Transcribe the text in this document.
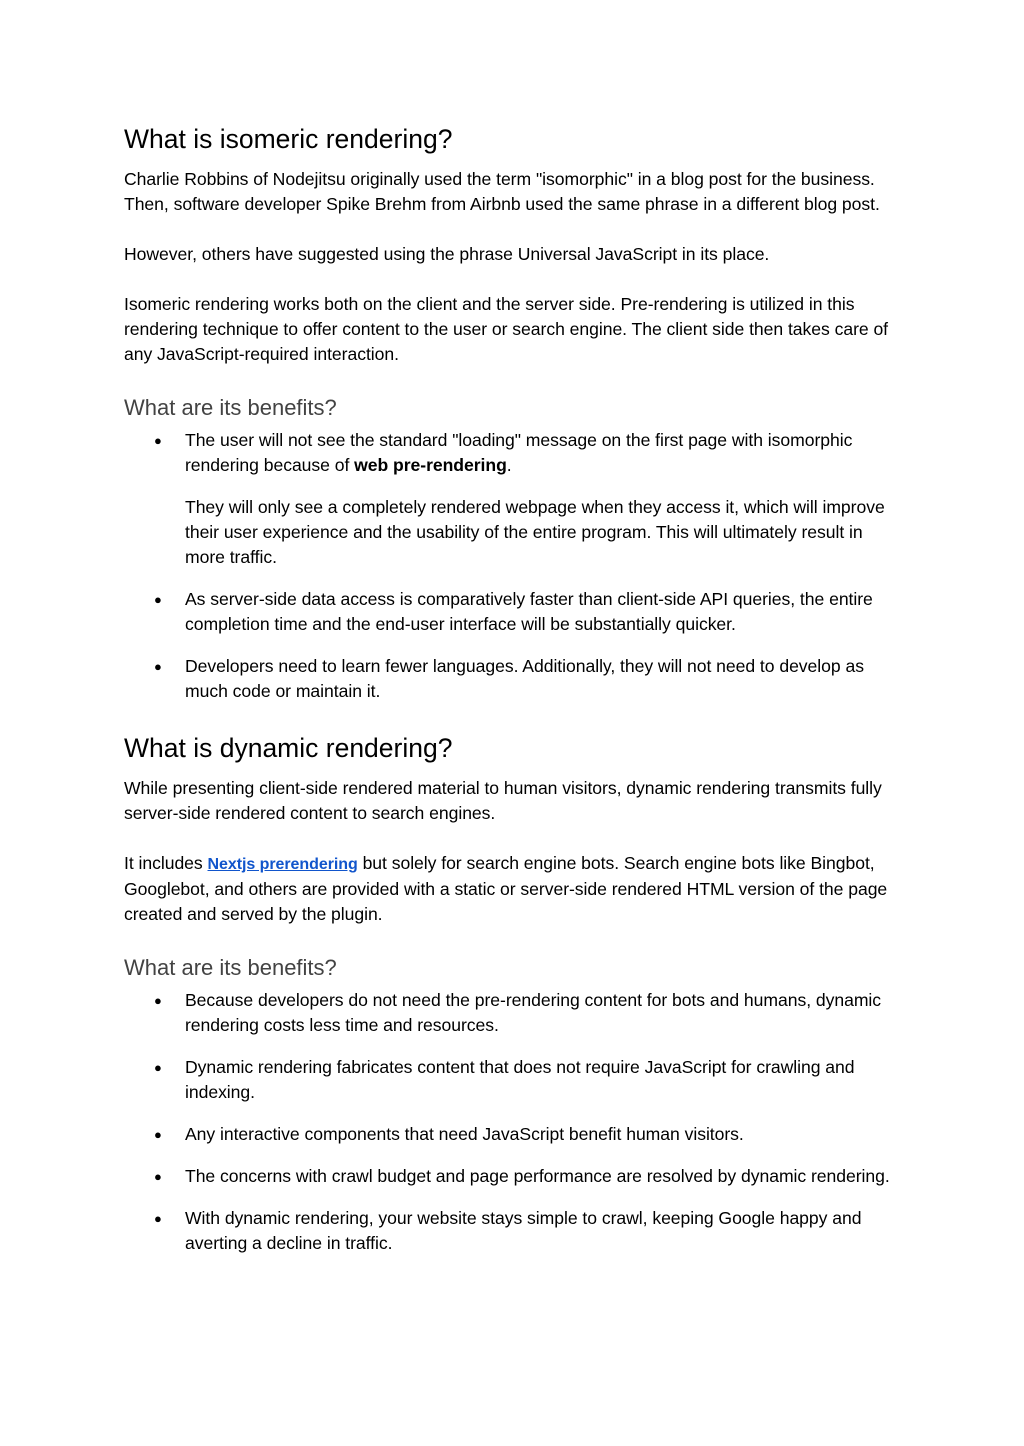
What is isomeric rendering?

Charlie Robbins of Nodejitsu originally used the term "isomorphic" in a blog post for the business. Then, software developer Spike Brehm from Airbnb used the same phrase in a different blog post.

However, others have suggested using the phrase Universal JavaScript in its place.

Isomeric rendering works both on the client and the server side. Pre-rendering is utilized in this rendering technique to offer content to the user or search engine. The client side then takes care of any JavaScript-required interaction.

What are its benefits?
● The user will not see the standard "loading" message on the first page with isomorphic rendering because of web pre-rendering.

They will only see a completely rendered webpage when they access it, which will improve their user experience and the usability of the entire program. This will ultimately result in more traffic.

● As server-side data access is comparatively faster than client-side API queries, the entire completion time and the end-user interface will be substantially quicker.
● Developers need to learn fewer languages. Additionally, they will not need to develop as much code or maintain it.
What is dynamic rendering?

While presenting client-side rendered material to human visitors, dynamic rendering transmits fully server-side rendered content to search engines.

It includes Nextjs prerendering but solely for search engine bots. Search engine bots like Bingbot, Googlebot, and others are provided with a static or server-side rendered HTML version of the page created and served by the plugin.

What are its benefits?
● Because developers do not need the pre-rendering content for bots and humans, dynamic rendering costs less time and resources.
● Dynamic rendering fabricates content that does not require JavaScript for crawling and indexing.
● Any interactive components that need JavaScript benefit human visitors.
● The concerns with crawl budget and page performance are resolved by dynamic rendering.
● With dynamic rendering, your website stays simple to crawl, keeping Google happy and averting a decline in traffic.
